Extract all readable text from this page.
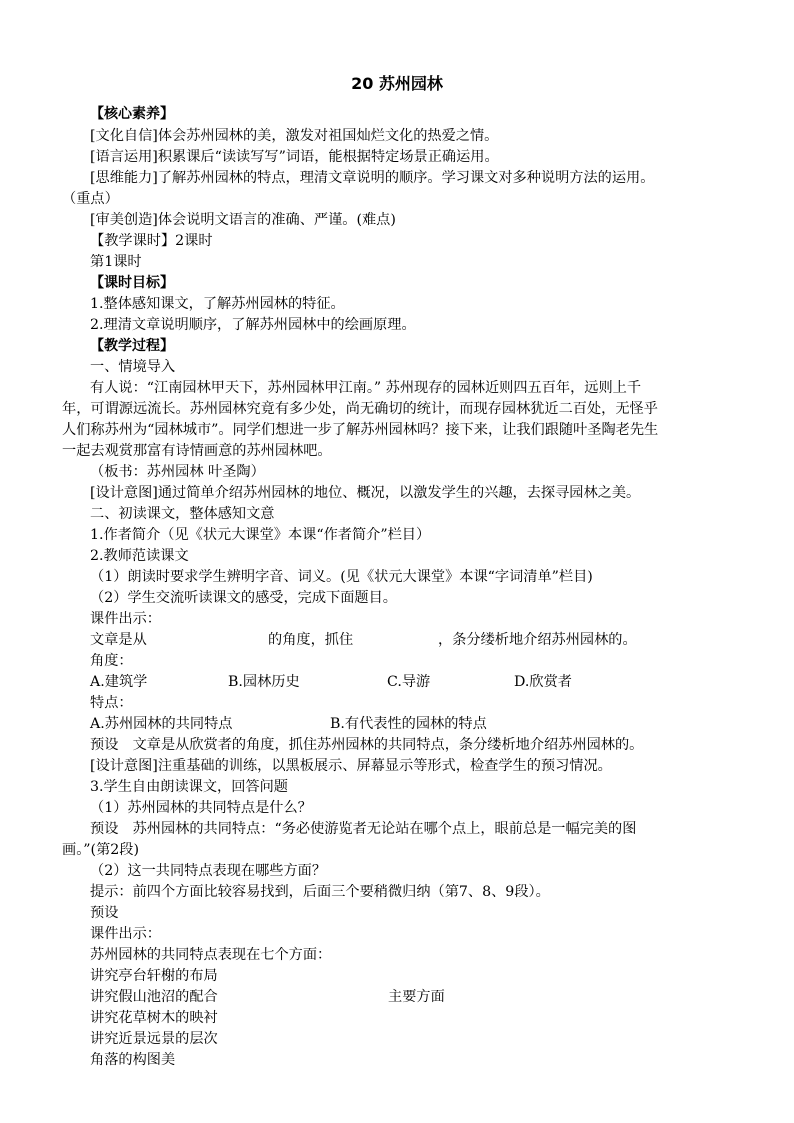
20 苏州园林
【核心素养】
[文化自信]体会苏州园林的美，激发对祖国灿烂文化的热爱之情。
[语言运用]积累课后“读读写写”词语，能根据特定场景正确运用。
[思维能力]了解苏州园林的特点，理清文章说明的顺序。学习课文对多种说明方法的运用。
（重点）
[审美创造]体会说明文语言的准确、严谨。(难点)
【教学课时】2课时
第1课时
【课时目标】
1.整体感知课文，了解苏州园林的特征。
2.理清文章说明顺序，了解苏州园林中的绘画原理。
【教学过程】
一、情境导入
有人说：“江南园林甲天下，苏州园林甲江南。” 苏州现存的园林近则四五百年，远则上千
年，可谓源远流长。苏州园林究竟有多少处，尚无确切的统计，而现存园林犹近二百处，无怪乎
人们称苏州为“园林城市”。同学们想进一步了解苏州园林吗？接下来，让我们跟随叶圣陶老先生
一起去观赏那富有诗情画意的苏州园林吧。
（板书：苏州园林 叶圣陶）
[设计意图]通过简单介绍苏州园林的地位、概况，以激发学生的兴趣，去探寻园林之美。
二、初读课文，整体感知文意
1.作者简介（见《状元大课堂》本课“作者简介”栏目）
2.教师范读课文
（1）朗读时要求学生辨明字音、词义。(见《状元大课堂》本课“字词清单”栏目)
（2）学生交流听读课文的感受，完成下面题目。
课件出示：
文章是从	的角度，抓住	，条分缕析地介绍苏州园林的。
角度：
A.建筑学	B.园林历史	C.导游	D.欣赏者
特点：
A.苏州园林的共同特点	B.有代表性的园林的特点
预设　文章是从欣赏者的角度，抓住苏州园林的共同特点，条分缕析地介绍苏州园林的。
[设计意图]注重基础的训练，以黑板展示、屏幕显示等形式，检查学生的预习情况。
3.学生自由朗读课文，回答问题
（1）苏州园林的共同特点是什么？
预设　苏州园林的共同特点：“务必使游览者无论站在哪个点上，眼前总是一幅完美的图
画。”(第2段)
（2）这一共同特点表现在哪些方面？
提示：前四个方面比较容易找到，后面三个要稍微归纳（第7、8、9段）。
预设
课件出示：
苏州园林的共同特点表现在七个方面：
讲究亭台轩榭的布局
讲究假山池沼的配合	主要方面
讲究花草树木的映衬
讲究近景远景的层次
角落的构图美
